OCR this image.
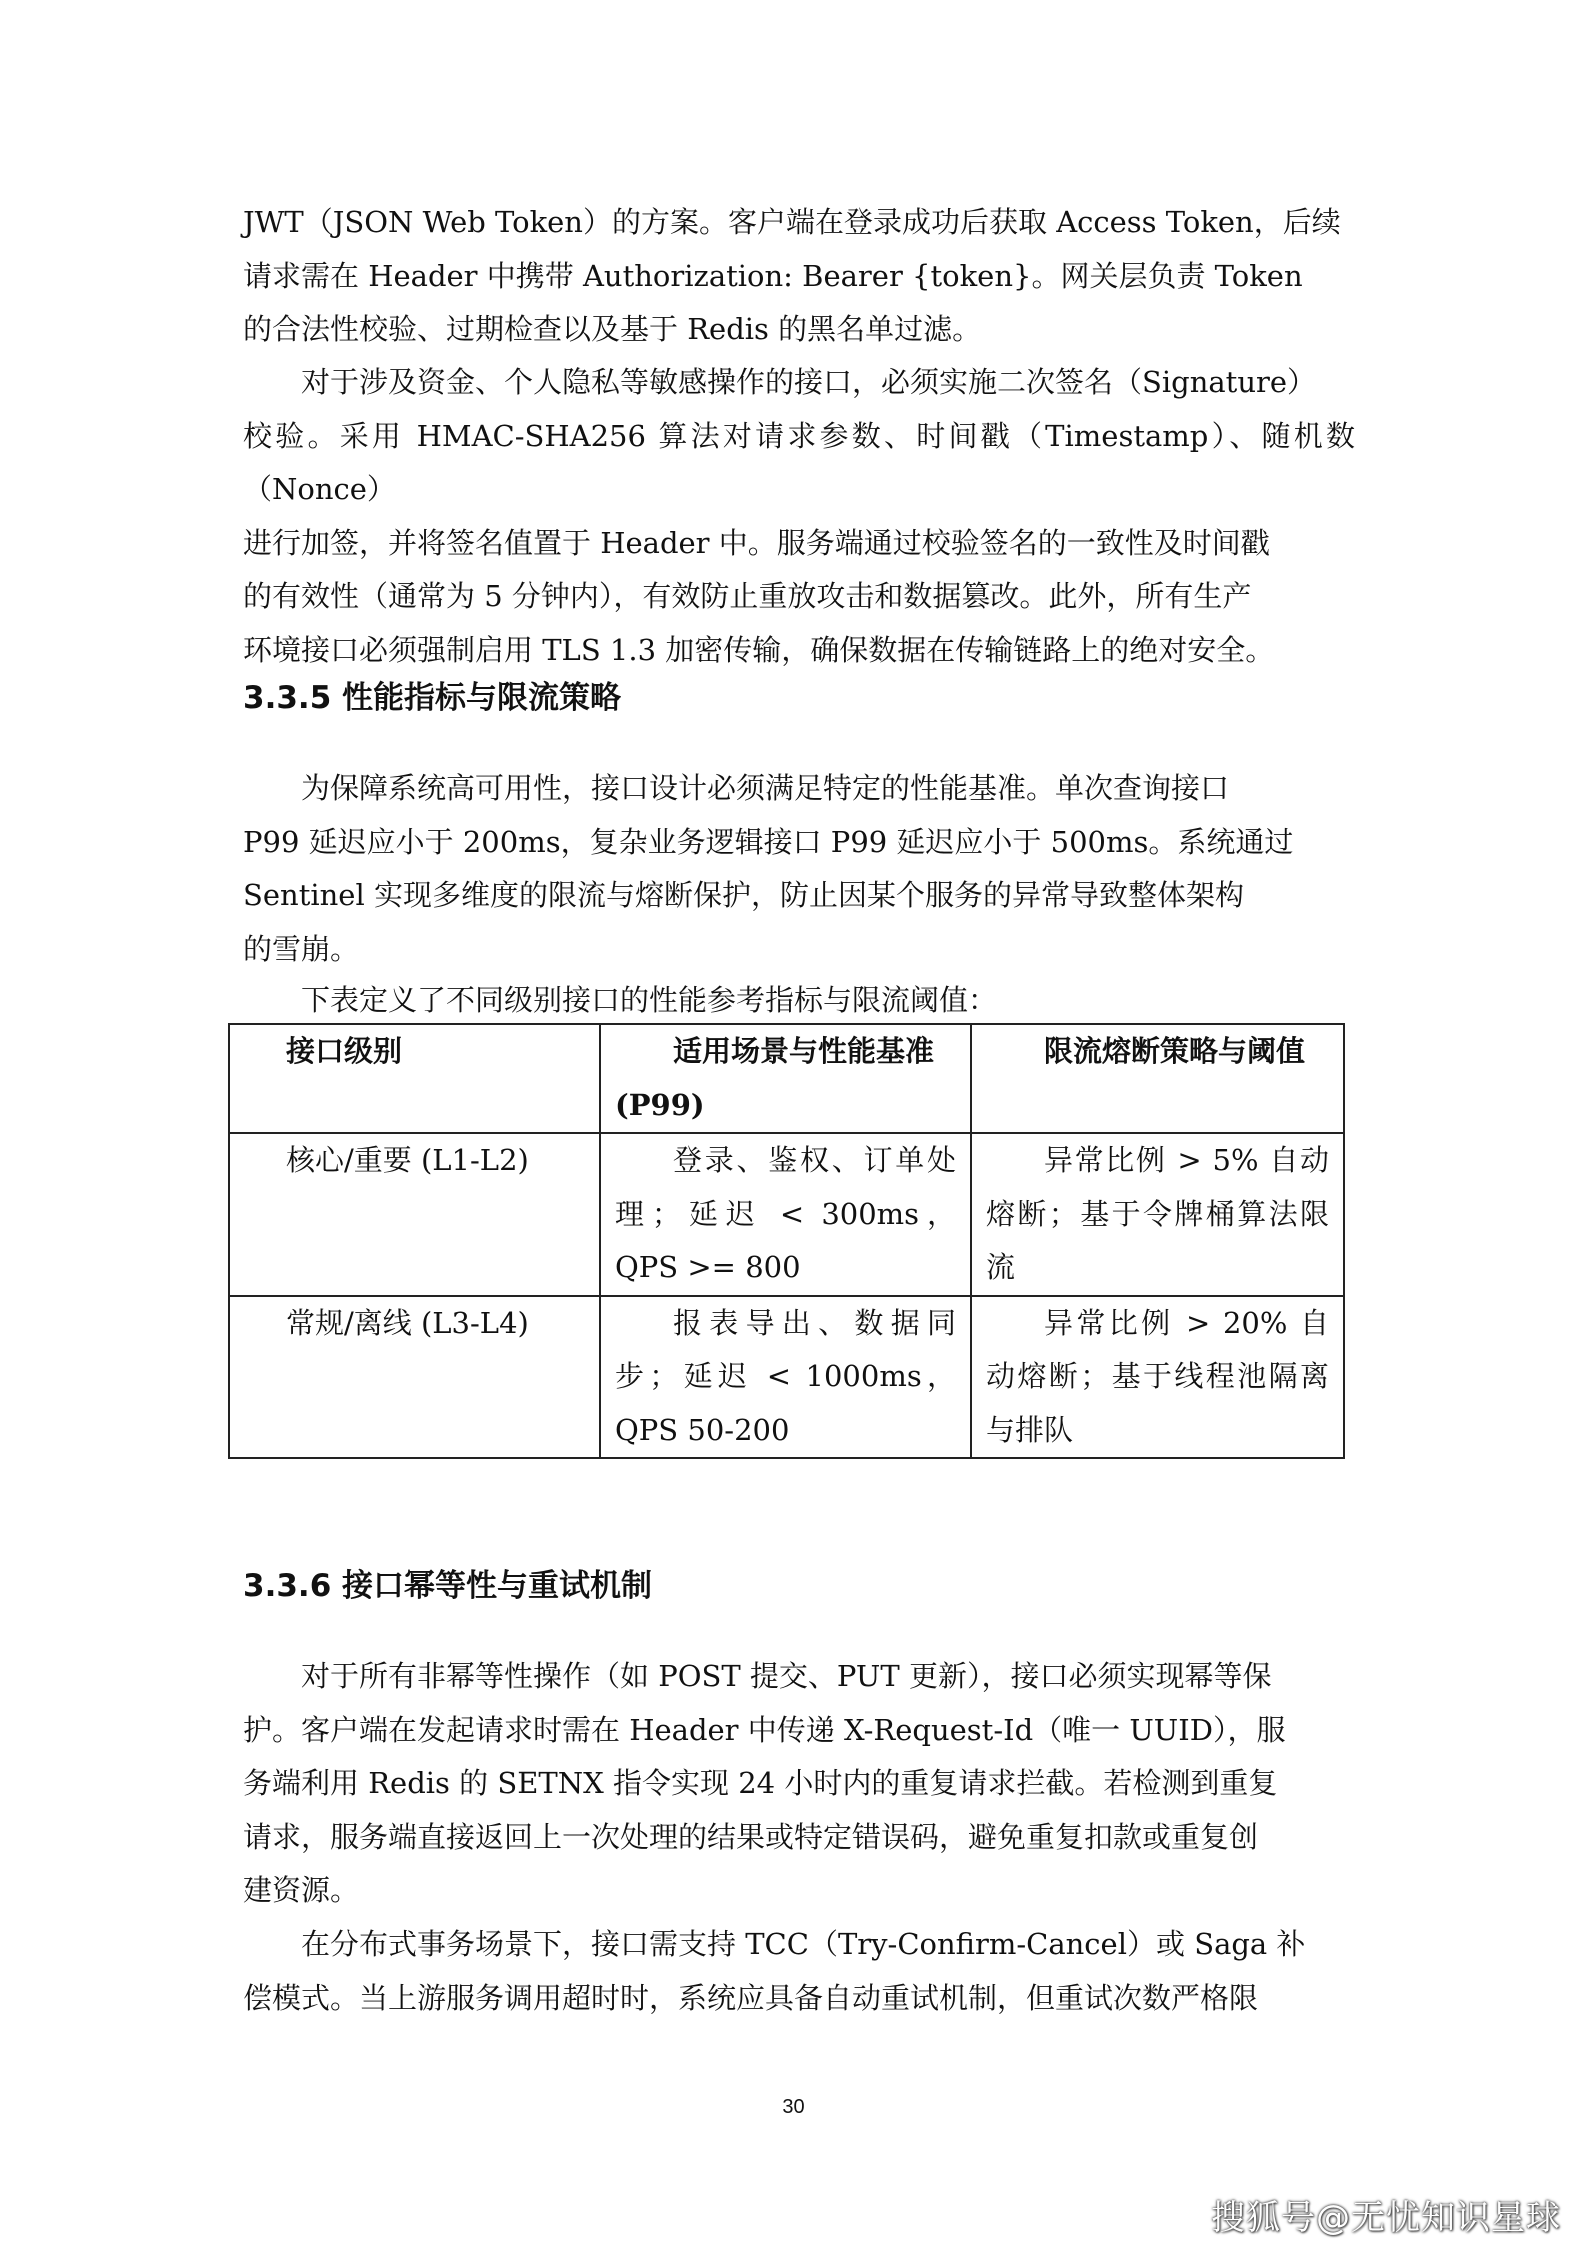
JWT（JSON Web Token）的方案。客户端在登录成功后获取 Access Token，后续
请求需在 Header 中携带 Authorization: Bearer {token}。网关层负责 Token
的合法性校验、过期检查以及基于 Redis 的黑名单过滤。
对于涉及资金、个人隐私等敏感操作的接口，必须实施二次签名（Signature）
校验。采用 HMAC-SHA256 算法对请求参数、时间戳（Timestamp）、随机数（Nonce）
进行加签，并将签名值置于 Header 中。服务端通过校验签名的一致性及时间戳
的有效性（通常为 5 分钟内），有效防止重放攻击和数据篡改。此外，所有生产
环境接口必须强制启用 TLS 1.3 加密传输，确保数据在传输链路上的绝对安全。
3.3.5 性能指标与限流策略
为保障系统高可用性，接口设计必须满足特定的性能基准。单次查询接口
P99 延迟应小于 200ms，复杂业务逻辑接口 P99 延迟应小于 500ms。系统通过
Sentinel 实现多维度的限流与熔断保护，防止因某个服务的异常导致整体架构
的雪崩。

下表定义了不同级别接口的性能参考指标与限流阈值：

接口级别	适用场景与性能基准 (P99)	限流熔断策略与阈值
核心/重要 (L1-L2)	登录、鉴权、订单处理；延迟 < 300ms，QPS >= 800	异常比例 > 5% 自动熔断；基于令牌桶算法限流
常规/离线 (L3-L4)	报表导出、数据同步；延迟 < 1000ms，QPS 50-200	异常比例 > 20% 自动熔断；基于线程池隔离与排队
3.3.6 接口幂等性与重试机制
对于所有非幂等性操作（如 POST 提交、PUT 更新），接口必须实现幂等保
护。客户端在发起请求时需在 Header 中传递 X-Request-Id（唯一 UUID），服
务端利用 Redis 的 SETNX 指令实现 24 小时内的重复请求拦截。若检测到重复
请求，服务端直接返回上一次处理的结果或特定错误码，避免重复扣款或重复创
建资源。
在分布式事务场景下，接口需支持 TCC（Try-Confirm-Cancel）或 Saga 补
偿模式。当上游服务调用超时时，系统应具备自动重试机制，但重试次数严格限
30
搜狐号@无忧知识星球
